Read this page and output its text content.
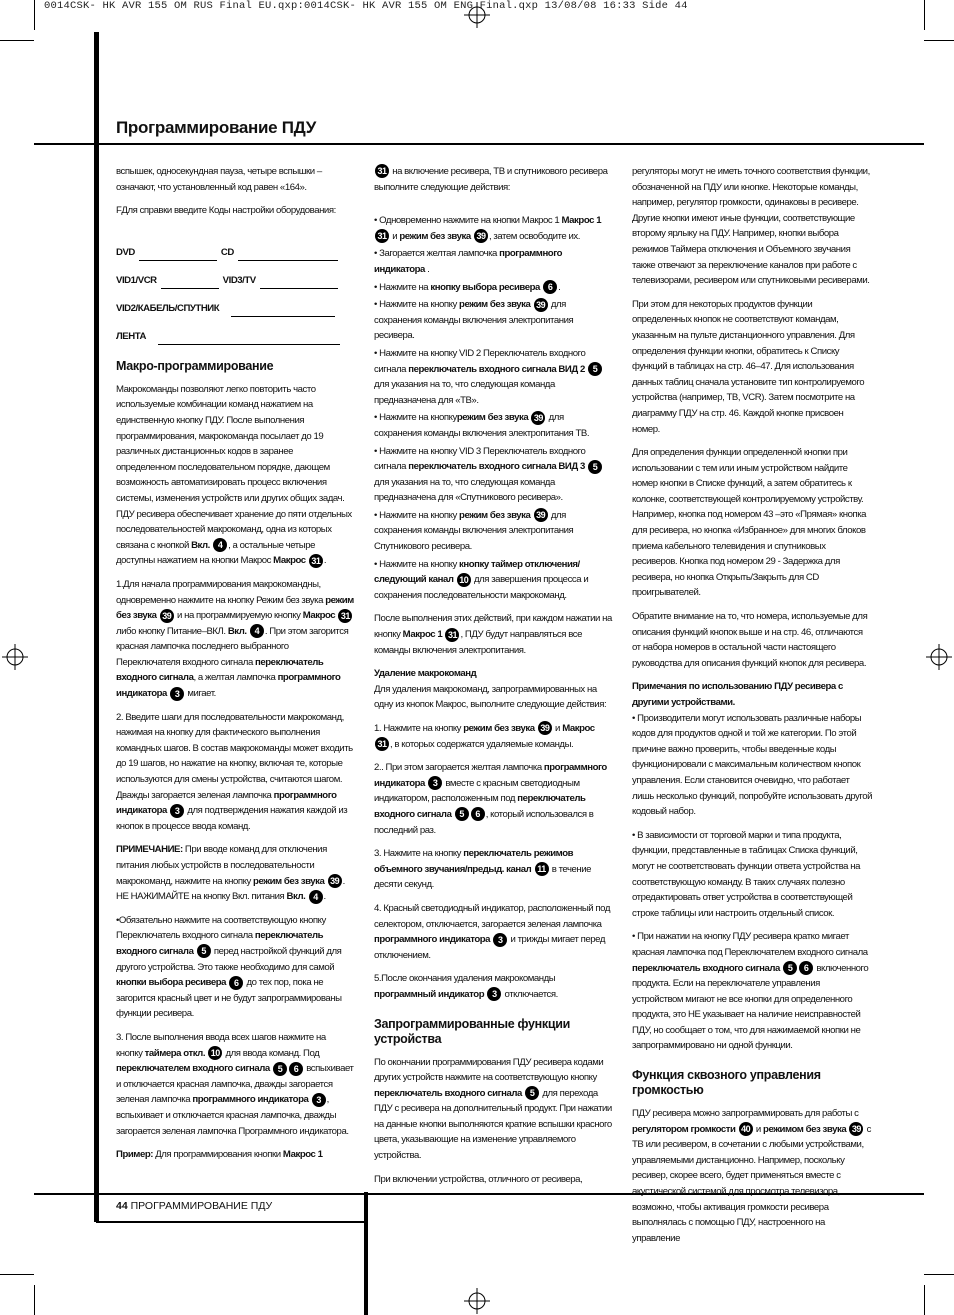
0014CSK- HK AVR 155 OM RUS Final EU.qxp:0014CSK- HK AVR 155 OM ENG Final.qxp 13/08/08 16:33 Side 44
Программирование ПДУ
44 ПРОГРАММИРОВАНИЕ ПДУ

вспышек, односекундная пауза, четыре вспышки – означают, что установленный код равен «164».

FДля справки введите Коды настройки оборудования:

DVD	CD
VID1/VCR	VID3/TV
VID2/КАБЕЛЬ/СПУТНИК
ЛЕНТА
Макро-программирование

Макрокоманды позволяют легко повторить часто используемые комбинации команд нажатием на единственную кнопку ПДУ. После выполнения программирования, макрокоманда посылает до 19 различных дистанционных кодов в заранее определенном последовательном порядке, дающем возможность автоматизировать процесс включения системы, изменения устройств или других общих задач. ПДУ ресивера обеспечивает хранение до пяти отдельных последовательностей макрокоманд, одна из которых связана с кнопкой Вкл. 4 , а остальные четыре доступны нажатием на кнопки Макрос Макрос 31 .

1.Для начала программирования макрокомандны, одновременно нажмите на кнопку Режим без звука режим без звука 39 и на программируемую кнопку Макрос 31 либо кнопку Питание–ВКЛ. Вкл. 4 . При этом загорится красная лампочка последнего выбранного Переключателя входного сигнала переключатель входного сигнала, а желтая лампочка программного индикатора 3 мигает.

2. Введите шаги для последовательности макрокоманд, нажимая на кнопку для фактического выполнения командных шагов. В состав макрокоманды может входить до 19 шагов, но нажатие на кнопку, включая те, которые используются для смены устройства, считаются шагом. Дважды загорается зеленая лампочка программного индикатора 3 для подтверждения нажатия каждой из кнопок в процессе ввода команд.

ПРИМЕЧАНИЕ: При вводе команд для отключения питания любых устройств в последовательности макрокоманд, нажмите на кнопку режим без звука 39 . НЕ НАЖИМАЙТЕ на кнопку Вкл. питания Вкл. 4 .

•Обязательно нажмите на соответствующую кнопку Переключатель входного сигнала переключатель входного сигнала 5 перед настройкой функций для другого устройства. Это также необходимо для самой кнопки выбора ресивера 6 до тех пор, пока не загорится красный цвет и не будут запрограммированы функции ресивера.

3. После выполнения ввода всех шагов нажмите на кнопку таймера откл. 10 для ввода команд. Под переключателем входного сигнала 5 6 вспыхивает и отключается красная лампочка, дважды загорается зеленая лампочка программного индикатора 3 , вспыхивает и отключается красная лампочка, дважды загорается зеленая лампочка Программного индикатора.

Пример: Для программирования кнопки Макрос 1

31 на включение ресивера, ТВ и спутникового ресивера выполните следующие действия:

• Одновременно нажмите на кнопки Макрос 1 Макрос 1 31 и режим без звука 39 , затем освободите их.

• Загорается желтая лампочка программного индикатора .

• Нажмите на кнопку выбора ресивера 6 .

• Нажмите на кнопку режим без звука 39 для сохранения команды включения электропитания ресивера.

• Нажмите на кнопку VID 2 Переключатель входного сигнала переключатель входного сигнала ВИД 2 5 для указания на то, что следующая команда предназначена для «ТВ».

• Нажмите на кнопкурежим без звука 39 для сохранения команды включения электропитания ТВ.

• Нажмите на кнопку VID 3 Переключатель входного сигнала переключатель входного сигнала ВИД 3 5 для указания на то, что следующая команда предназначена для «Спутникового ресивера».

• Нажмите на кнопку режим без звука 39 для сохранения команды включения электропитания Спутникового ресивера.

• Нажмите на кнопку кнопку таймер отключения/следующий канал 10 для завершения процесса и сохранения последовательности макрокоманд.

После выполнения этих действий, при каждом нажатии на кнопку Макрос 1 31 , ПДУ будут направляться все команды включения электропитания.

Удаление макрокоманд

Для удаления макрокоманд, запрограммированных на одну из кнопок Макрос, выполните следующие действия:

1. Нажмите на кнопку режим без звука 39 и Макрос 31 , в которых содержатся удаляемые команды.

2.. При этом загорается желтая лампочка программного индикатора 3 вместе с красным светодиодным индикатором, расположенным под переключатель входного сигнала 5 6 , который использовался в последний раз.

3. Нажмите на кнопку переключатель режимов объемного звучания/предыд. канал 11 в течение десяти секунд.

4. Красный светодиодный индикатор, расположенный под селектором, отключается, загорается зеленая лампочка программного индикатора 3 и трижды мигает перед отключением.

5.После окончания удаления макрокоманды программный индикатор 3 отключается.

Запрограммированные функции устройства

По окончании программирования ПДУ ресивера кодами других устройств нажмите на соответствующую кнопку переключатель входного сигнала 5 для перехода ПДУ с ресивера на дополнительный продукт. При нажатии на данные кнопки выполняются краткие вспышки красного цвета, указывающие на изменение управляемого устройства.

При включении устройства, отличного от ресивера,

регуляторы могут не иметь точного соответствия функции, обозначенной на ПДУ или кнопке. Некоторые команды, например, регулятор громкости, одинаковы в ресивере. Другие кнопки имеют иные функции, соответствующие второму ярлыку на ПДУ. Например, кнопки выбора режимов Таймера отключения и Объемного звучания также отвечают за переключение каналов при работе с телевизорами, ресивером или спутниковыми ресиверами.

При этом для некоторых продуктов функции определенных кнопок не соответствуют командам, указанным на пульте дистанционного управления. Для определения функции кнопки, обратитесь к Списку функций в таблицах на стр. 46–47. Для использования данных таблиц сначала установите тип контролируемого устройства (например, ТВ, VCR). Затем посмотрите на диаграмму ПДУ на стр. 46. Каждой кнопке присвоен номер.

Для определения функции определенной кнопки при использовании с тем или иным устройством найдите номер кнопки в Списке функций, а затем обратитесь к колонке, соответствующей контролируемому устройству. Например, кнопка под номером 43 –это «Прямая» кнопка для ресивера, но кнопка «Избранное» для многих блоков приема кабельного телевидения и спутниковых ресиверов. Кнопка под номером 29 - Задержка для ресивера, но кнопка Открыть/Закрыть для CD проигрывателей.

Обратите внимание на то, что номера, используемые для описания функций кнопок выше и на стр. 46, отличаются от набора номеров в остальной части настоящего руководства для описания функций кнопок для ресивера.

Примечания по использованию ПДУ ресивера с другими устройствами.

• Производители могут использовать различные наборы кодов для продуктов одной и той же категории. По этой причине важно проверить, чтобы введенные коды функционировали с максимальным количеством кнопок управления. Если становится очевидно, что работает лишь несколько функций, попробуйте использовать другой кодовый набор.

• В зависимости от торговой марки и типа продукта, функции, представленные в таблицах Списка функций, могут не соответствовать функции ответа устройства на соответствующую команду. В таких случаях полезно отредактировать ответ устройства в соответствующей строке таблицы или настроить отдельный список.

• При нажатии на кнопку ПДУ ресивера кратко мигает красная лампочка под Переключателем входного сигнала переключатель входного сигнала 5 6 включенного продукта. Если на переключателе управления устройством мигают не все кнопки для определенного продукта, это НЕ указывает на наличие неисправностей ПДУ, но сообщает о том, что для нажимаемой кнопки не запрограммировано ни одной функции.

Функция сквозного управления громкостью

ПДУ ресивера можно запрограммировать для работы с регулятором громкости 40 и режимом без звука 39 с ТВ или ресивером, в сочетании с любыми устройствами, управляемыми дистанционно. Например, поскольку ресивер, скорее всего, будет применяться вместе с акустической системой для просмотра телевизора, возможно, чтобы активация громкости ресивера выполнялась с помощью ПДУ, настроенного на управление
